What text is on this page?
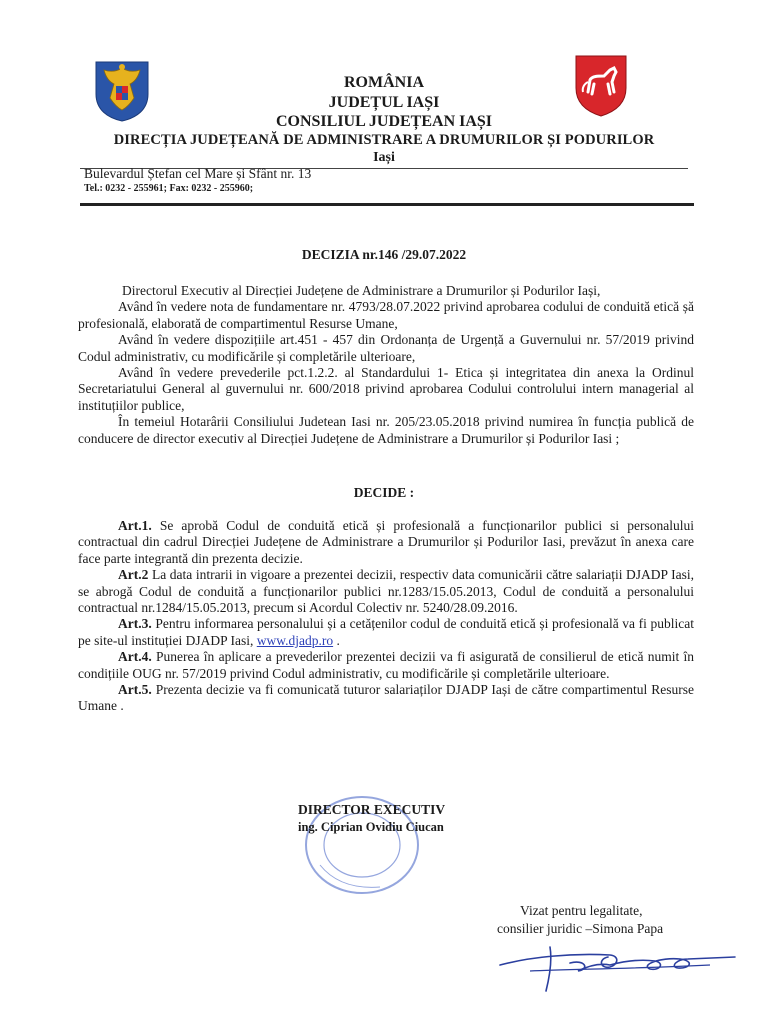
ROMÂNIA
JUDEȚUL IAȘI
CONSILIUL JUDEȚEAN IAȘI
DIRECȚIA JUDEȚEANĂ DE ADMINISTRARE A DRUMURILOR ȘI PODURILOR
Iași
Bulevardul Ștefan cel Mare și Sfânt nr. 13
Tel.: 0232 - 255961; Fax: 0232 - 255960;
DECIZIA nr.146 /29.07.2022

Directorul Executiv al Direcției Județene de Administrare a Drumurilor și Podurilor Iași,

Având în vedere nota de fundamentare nr. 4793/28.07.2022 privind aprobarea codului de conduită etică șă profesională, elaborată de compartimentul Resurse Umane,

Având în vedere dispozițiile art.451 - 457 din Ordonanța de Urgență a Guvernului nr. 57/2019 privind Codul administrativ, cu modificările și completările ulterioare,

Având în vedere prevederile pct.1.2.2. al Standardului 1- Etica și integritatea din anexa la Ordinul Secretariatului General al guvernului nr. 600/2018 privind aprobarea Codului controlului intern managerial al instituțiilor publice,

În temeiul Hotarârii Consiliului Judetean Iasi nr. 205/23.05.2018 privind numirea în funcția publică de conducere de director executiv al Direcției Județene de Administrare a Drumurilor și Podurilor Iasi ;

DECIDE :

Art.1. Se aprobă Codul de conduită etică și profesională a funcționarilor publici si personalului contractual din cadrul Direcției Județene de Administrare a Drumurilor și Podurilor Iasi, prevăzut în anexa care face parte integrantă din prezenta decizie.

Art.2 La data intrarii in vigoare a prezentei decizii, respectiv data comunicării către salariații DJADP Iasi, se abrogă Codul de conduită a funcționarilor publici nr.1283/15.05.2013, Codul de conduită a personalului contractual nr.1284/15.05.2013, precum si Acordul Colectiv nr. 5240/28.09.2016.

Art.3. Pentru informarea personalului și a cetățenilor codul de conduită etică și profesională va fi publicat pe site-ul instituției DJADP Iasi, www.djadp.ro .

Art.4. Punerea în aplicare a prevederilor prezentei decizii va fi asigurată de consilierul de etică numit în condițiile OUG nr. 57/2019 privind Codul administrativ, cu modificările și completările ulterioare.

Art.5. Prezenta decizie va fi comunicată tuturor salariaților DJADP Iași de către compartimentul Resurse Umane .

DIRECTOR EXECUTIV
ing. Ciprian Ovidiu Ciucan
Vizat pentru legalitate,
consilier juridic –Simona Papa
